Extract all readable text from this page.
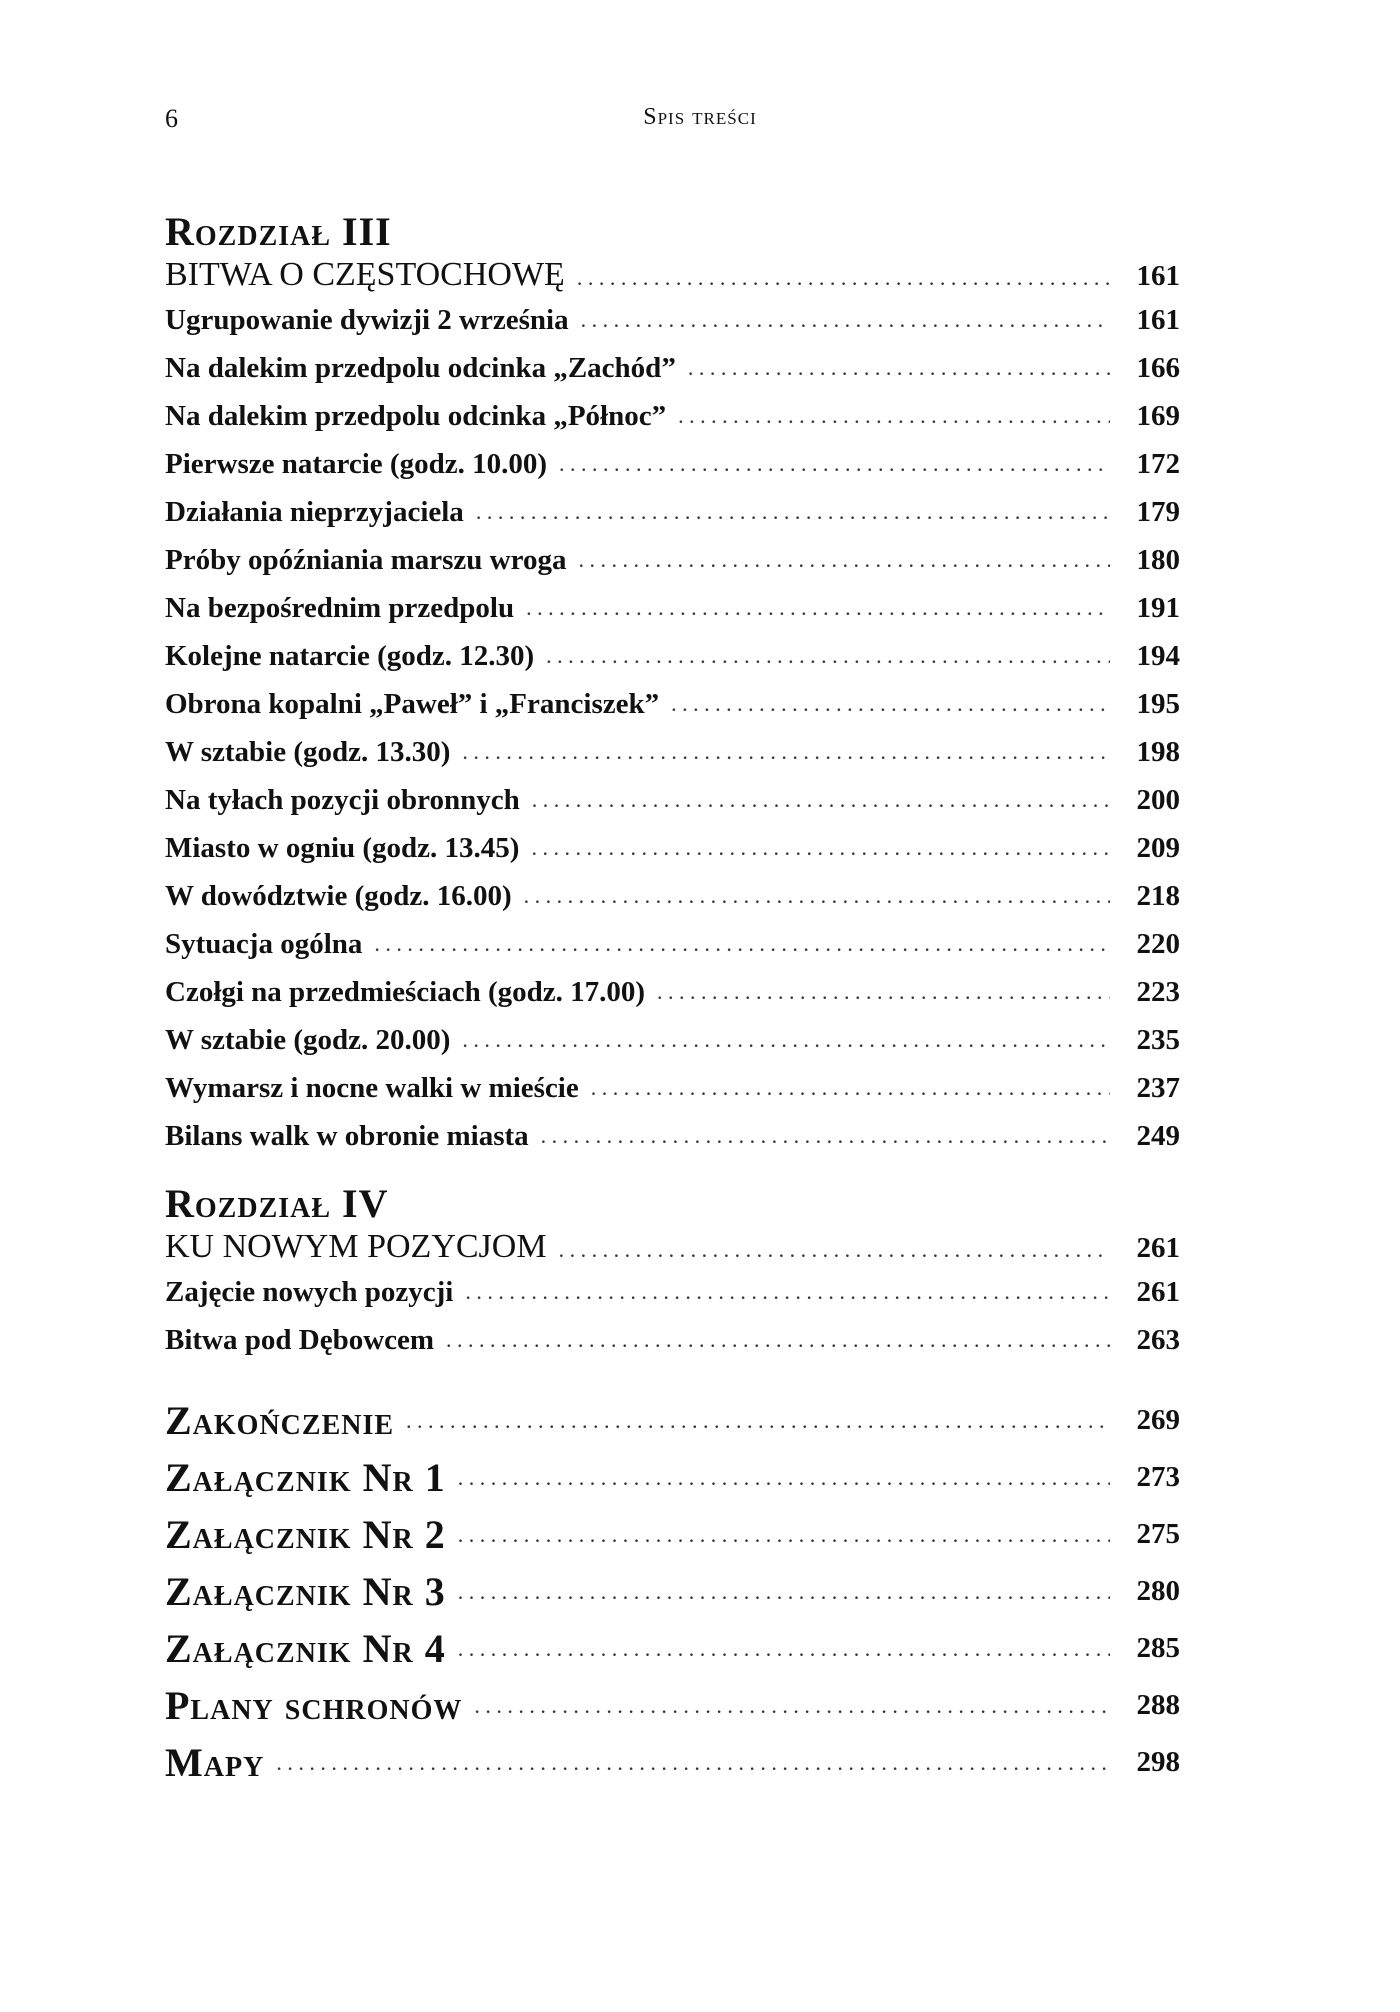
6	Spis treści
Rozdział III
BITWA O CZĘSTOCHOWĘ . . .	161
Ugrupowanie dywizji 2 września . . .	161
Na dalekim przedpolu odcinka „Zachód” . . .	166
Na dalekim przedpolu odcinka „Północ” . . .	169
Pierwsze natarcie (godz. 10.00) . . .	172
Działania nieprzyjaciela . . .	179
Próby opóźniania marszu wroga . . .	180
Na bezpośrednim przedpolu . . .	191
Kolejne natarcie (godz. 12.30) . . .	194
Obrona kopalni „Paweł” i „Franciszek” . . .	195
W sztabie (godz. 13.30) . . .	198
Na tyłach pozycji obronnych . . .	200
Miasto w ogniu (godz. 13.45) . . .	209
W dowództwie (godz. 16.00) . . .	218
Sytuacja ogólna . . .	220
Czołgi na przedmieściach (godz. 17.00) . . .	223
W sztabie (godz. 20.00) . . .	235
Wymarsz i nocne walki w mieście . . .	237
Bilans walk w obronie miasta . . .	249
Rozdział IV
KU NOWYM POZYCJOM . . .	261
Zajęcie nowych pozycji . . .	261
Bitwa pod Dębowcem . . .	263
Zakończenie . . .	269
Załącznik Nr 1 . . .	273
Załącznik Nr 2 . . .	275
Załącznik Nr 3 . . .	280
Załącznik Nr 4 . . .	285
Plany schronów . . .	288
Mapy . . .	298
